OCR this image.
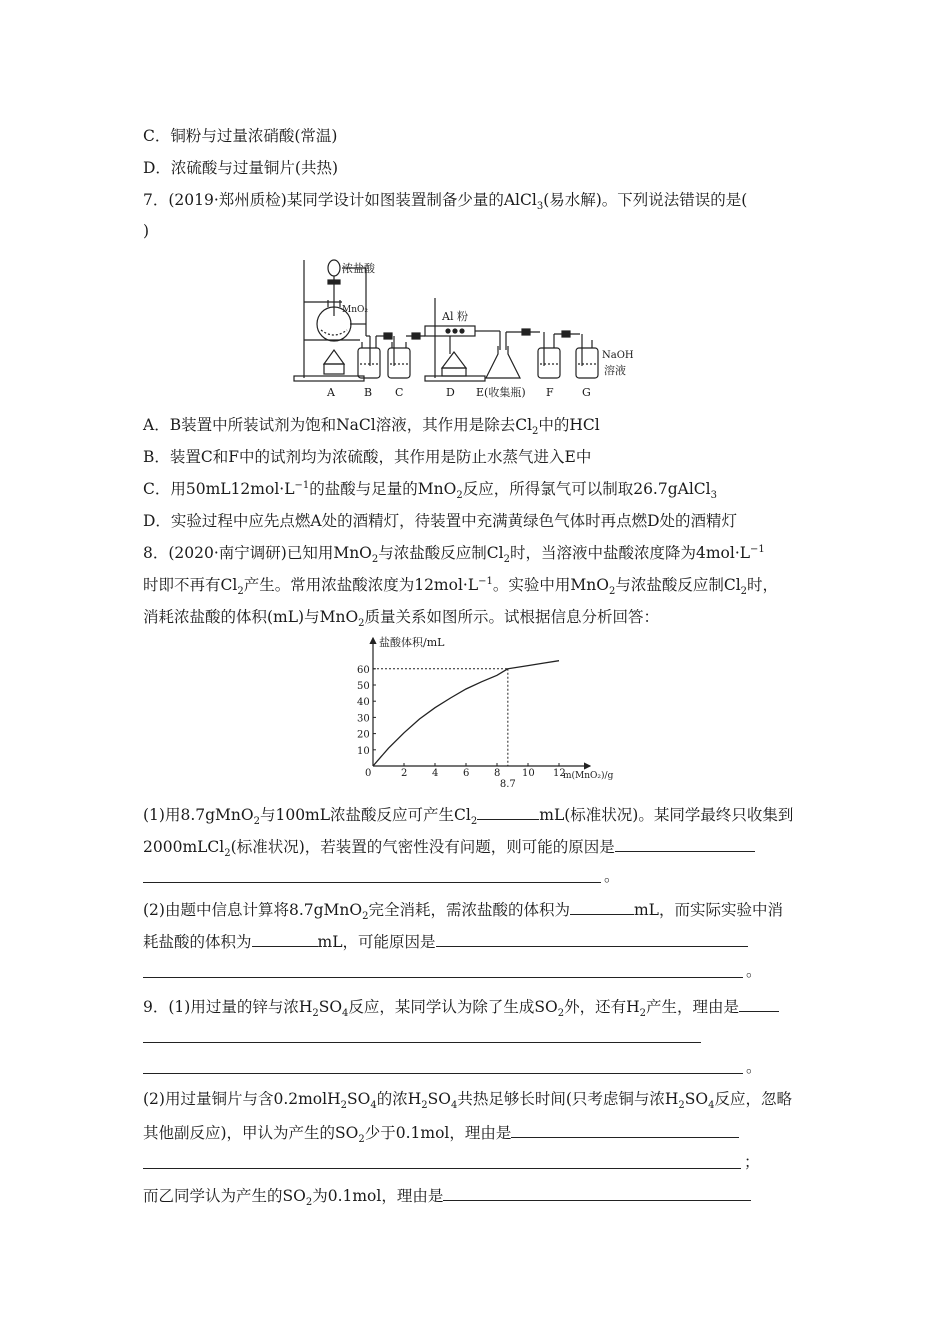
C．铜粉与过量浓硝酸(常温)
D．浓硫酸与过量铜片(共热)
7．(2019·郑州质检)某同学设计如图装置制备少量的AlCl$_3$(易水解)。下列说法错误的是(
)
浓盐酸
MnO₂	Al 粉
NaOH
溶液
A	B C	D E(收集瓶) F	G
A．B装置中所装试剂为饱和NaCl溶液，其作用是除去$Cl_2$中的HCl
B．装置C和F中的试剂均为浓硫酸，其作用是防止水蒸气进入E中
C．用$50mL12mol\cdot L^{-1}$的盐酸与足量的MnO$_2$反应，所得氯气可以制取26.7gAlCl$_3$
D．实验过程中应先点燃A处的酒精灯，待装置中充满黄绿色气体时再点燃D处的酒精灯
8．(2020·南宁调研)已知用MnO$_2$与浓盐酸反应制$Cl_2$时，当溶液中盐酸浓度降为$4mol\cdot L^{-1}$
时即不再有$Cl_2$产生。常用浓盐酸浓度为$12mol\cdot L^{-1}$。实验中用MnO$_2$与浓盐酸反应制$Cl_2$时，
消耗浓盐酸的体积(mL)与MnO$_2$质量关系如图所示。试根据信息分析回答：
盐酸体积/mL
m(MnO₂)/g
0	2 4 6 8 10 12
10
20
30
40
50
60
8.7
(1)用8.7gMnO$_2$与100mL浓盐酸反应可产生$Cl_2$	mL(标准状况)。某同学最终只收集到
2000mLCl$_2$(标准状况)，若装置的气密性没有问题，则可能的原因是
。
(2)由题中信息计算将8.7gMnO$_2$完全消耗，需浓盐酸的体积为	mL，而实际实验中消
耗盐酸的体积为	mL，可能原因是
。
9．(1)用过量的锌与浓$H_2SO_4$反应，某同学认为除了生成$SO_2$外，还有$H_2$产生，理由是
。
(2)用过量铜片与含$0.2molH_2SO_4$的浓$H_2SO_4$共热足够长时间(只考虑铜与浓$H_2SO_4$反应，忽略
其他副反应)，甲认为产生的$SO_2$少于0.1mol，理由是
；
而乙同学认为产生的$SO_2$为0.1mol，理由是
